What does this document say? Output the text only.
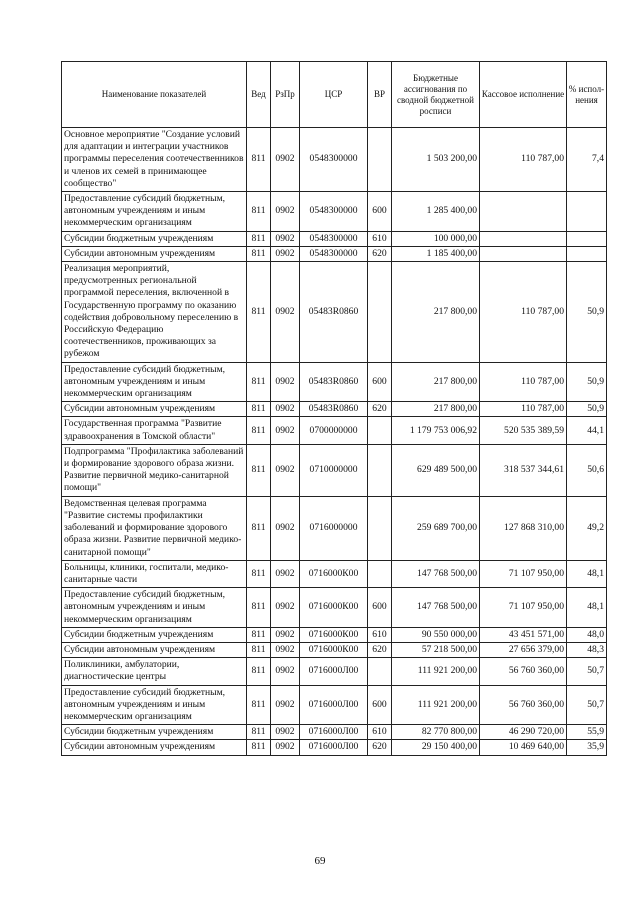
Наименование показателей	Вед	РзПр	ЦСР	ВР	Бюджетные ассигнования по сводной бюджетной росписи	Кассовое исполнение	% испол-нения
Основное мероприятие "Создание условий для адаптации и интеграции участников программы переселения соотечественников и членов их семей в принимающее сообщество"	811	0902	0548300000		1 503 200,00	110 787,00	7,4
Предоставление субсидий бюджетным, автономным учреждениям и иным некоммерческим организациям	811	0902	0548300000	600	1 285 400,00		
Субсидии бюджетным учреждениям	811	0902	0548300000	610	100 000,00		
Субсидии автономным учреждениям	811	0902	0548300000	620	1 185 400,00		
Реализация мероприятий, предусмотренных региональной программой переселения, включенной в Государственную программу по оказанию содействия добровольному переселению в Российскую Федерацию соотечественников, проживающих за рубежом	811	0902	05483R0860		217 800,00	110 787,00	50,9
Предоставление субсидий бюджетным, автономным учреждениям и иным некоммерческим организациям	811	0902	05483R0860	600	217 800,00	110 787,00	50,9
Субсидии автономным учреждениям	811	0902	05483R0860	620	217 800,00	110 787,00	50,9
Государственная программа "Развитие здравоохранения в Томской области"	811	0902	0700000000		1 179 753 006,92	520 535 389,59	44,1
Подпрограмма "Профилактика заболеваний и формирование здорового образа жизни. Развитие первичной медико-санитарной помощи"	811	0902	0710000000		629 489 500,00	318 537 344,61	50,6
Ведомственная целевая программа "Развитие системы профилактики заболеваний и формирование здорового образа жизни. Развитие первичной медико-санитарной помощи"	811	0902	0716000000		259 689 700,00	127 868 310,00	49,2
Больницы, клиники, госпитали, медико-санитарные части	811	0902	0716000К00		147 768 500,00	71 107 950,00	48,1
Предоставление субсидий бюджетным, автономным учреждениям и иным некоммерческим организациям	811	0902	0716000К00	600	147 768 500,00	71 107 950,00	48,1
Субсидии бюджетным учреждениям	811	0902	0716000К00	610	90 550 000,00	43 451 571,00	48,0
Субсидии автономным учреждениям	811	0902	0716000К00	620	57 218 500,00	27 656 379,00	48,3
Поликлиники, амбулатории, диагностические центры	811	0902	0716000Л00		111 921 200,00	56 760 360,00	50,7
Предоставление субсидий бюджетным, автономным учреждениям и иным некоммерческим организациям	811	0902	0716000Л00	600	111 921 200,00	56 760 360,00	50,7
Субсидии бюджетным учреждениям	811	0902	0716000Л00	610	82 770 800,00	46 290 720,00	55,9
Субсидии автономным учреждениям	811	0902	0716000Л00	620	29 150 400,00	10 469 640,00	35,9
69
